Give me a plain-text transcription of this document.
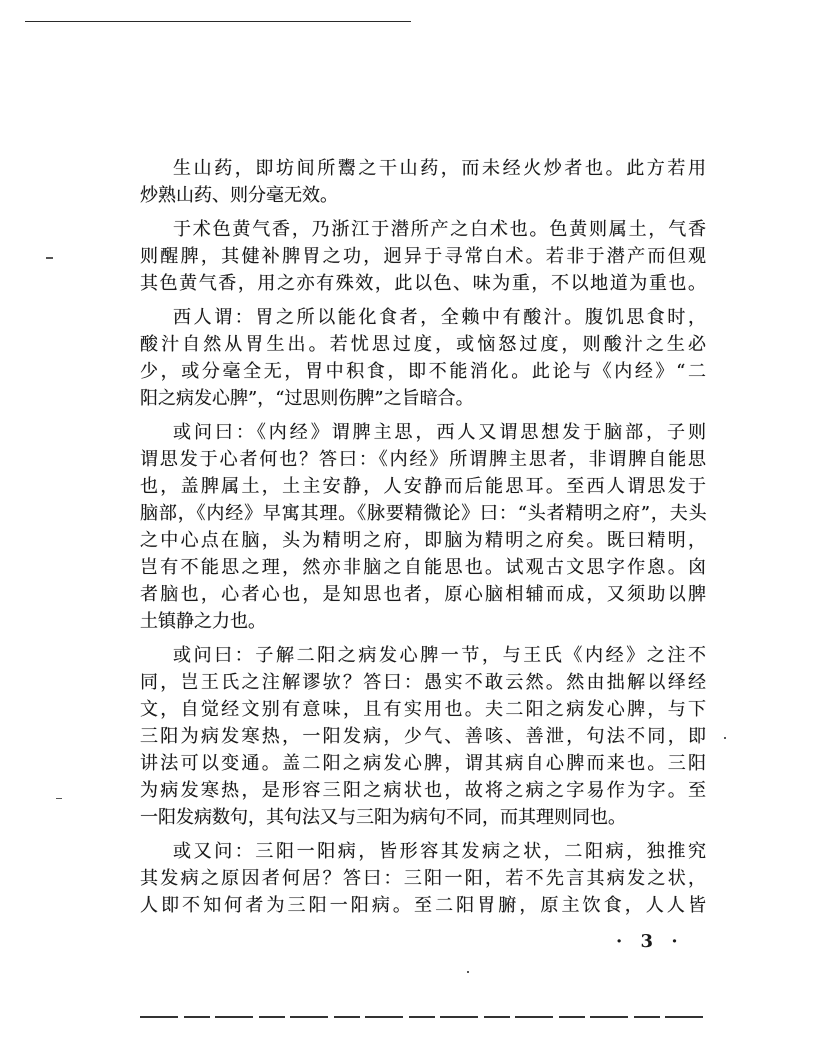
生山药，即坊间所鬻之干山药，而未经火炒者也。此方若用
炒熟山药、则分毫无效。
于术色黄气香，乃浙江于潜所产之白术也。色黄则属土，气香
则醒脾，其健补脾胃之功，迥异于寻常白术。若非于潜产而但观
其色黄气香，用之亦有殊效，此以色、味为重，不以地道为重也。
西人谓：胃之所以能化食者，全赖中有酸汁。腹饥思食时，
酸汁自然从胃生出。若忧思过度，或恼怒过度，则酸汁之生必
少，或分毫全无，胃中积食，即不能消化。此论与《内经》“二
阳之病发心脾”，“过思则伤脾”之旨暗合。
或问曰：《内经》谓脾主思，西人又谓思想发于脑部，子则
谓思发于心者何也？答曰：《内经》所谓脾主思者，非谓脾自能思
也，盖脾属土，土主安静，人安静而后能思耳。至西人谓思发于
脑部，《内经》早寓其理。《脉要精微论》曰：“头者精明之府”，夫头
之中心点在脑，头为精明之府，即脑为精明之府矣。既曰精明，
岂有不能思之理，然亦非脑之自能思也。试观古文思字作恖。囟
者脑也，心者心也，是知思也者，原心脑相辅而成，又须助以脾
土镇静之力也。
或问曰：子解二阳之病发心脾一节，与王氏《内经》之注不
同，岂王氏之注解谬欤？答曰：愚实不敢云然。然由拙解以绎经
文，自觉经文别有意味，且有实用也。夫二阳之病发心脾，与下
三阳为病发寒热，一阳发病，少气、善咳、善泄，句法不同，即
讲法可以变通。盖二阳之病发心脾，谓其病自心脾而来也。三阳
为病发寒热，是形容三阳之病状也，故将之病之字易作为字。至
一阳发病数句，其句法又与三阳为病句不同，而其理则同也。
或又问：三阳一阳病，皆形容其发病之状，二阳病，独推究
其发病之原因者何居？答曰：三阳一阳，若不先言其病发之状，
人即不知何者为三阳一阳病。至二阳胃腑，原主饮食，人人皆
· 3 ·
